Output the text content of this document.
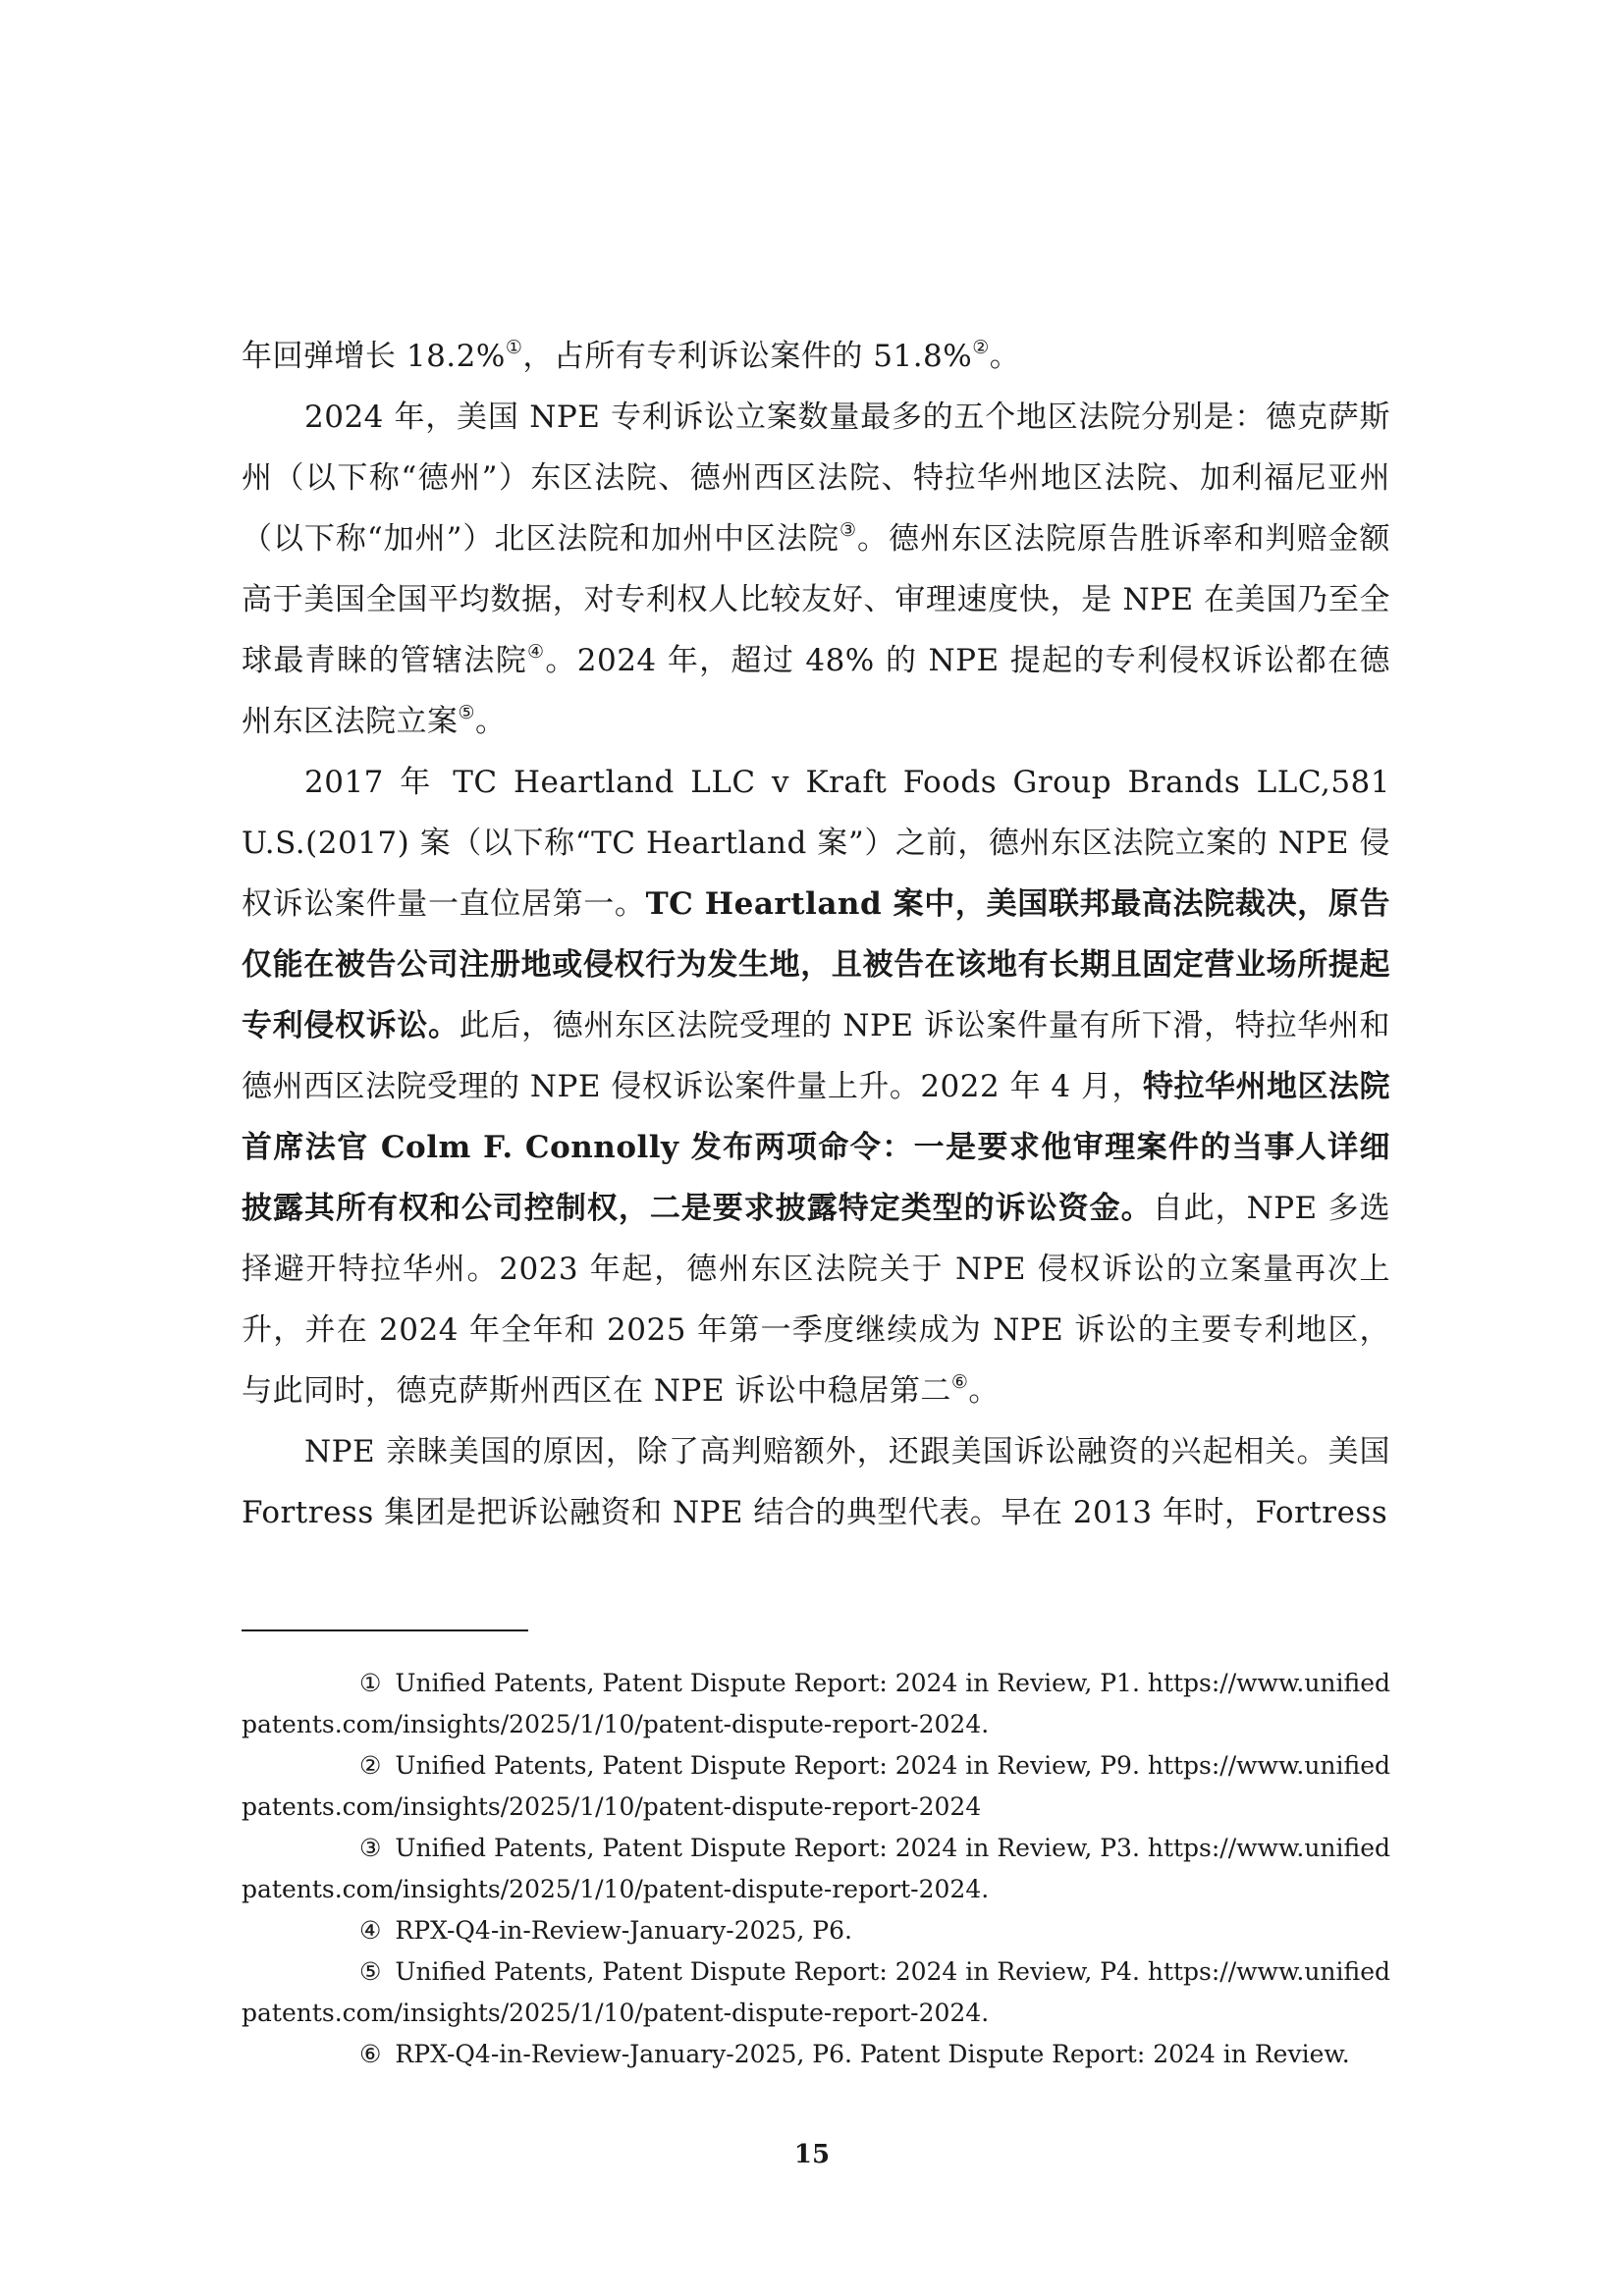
年回弹增长 18.2%①，占所有专利诉讼案件的 51.8%②。

2024 年，美国 NPE 专利诉讼立案数量最多的五个地区法院分别是：德克萨斯州（以下称“德州”）东区法院、德州西区法院、特拉华州地区法院、加利福尼亚州（以下称“加州”）北区法院和加州中区法院③。德州东区法院原告胜诉率和判赔金额高于美国全国平均数据，对专利权人比较友好、审理速度快，是 NPE 在美国乃至全球最青睐的管辖法院④。2024 年，超过 48% 的 NPE 提起的专利侵权诉讼都在德州东区法院立案⑤。

2017 年 TC Heartland LLC v Kraft Foods Group Brands LLC,581 U.S.(2017) 案（以下称“TC Heartland 案”）之前，德州东区法院立案的 NPE 侵权诉讼案件量一直位居第一。TC Heartland 案中，美国联邦最高法院裁决，原告仅能在被告公司注册地或侵权行为发生地，且被告在该地有长期且固定营业场所提起专利侵权诉讼。此后，德州东区法院受理的 NPE 诉讼案件量有所下滑，特拉华州和德州西区法院受理的 NPE 侵权诉讼案件量上升。2022 年 4 月，特拉华州地区法院首席法官 Colm F. Connolly 发布两项命令：一是要求他审理案件的当事人详细披露其所有权和公司控制权，二是要求披露特定类型的诉讼资金。自此，NPE 多选择避开特拉华州。2023 年起，德州东区法院关于 NPE 侵权诉讼的立案量再次上升，并在 2024 年全年和 2025 年第一季度继续成为 NPE 诉讼的主要专利地区，与此同时，德克萨斯州西区在 NPE 诉讼中稳居第二⑥。

NPE 亲睐美国的原因，除了高判赔额外，还跟美国诉讼融资的兴起相关。美国 Fortress 集团是把诉讼融资和 NPE 结合的典型代表。早在 2013 年时，Fortress

① Unified Patents, Patent Dispute Report: 2024 in Review, P1. https://www.unifiedpatents.com/insights/2025/1/10/patent-dispute-report-2024.

② Unified Patents, Patent Dispute Report: 2024 in Review, P9. https://www.unifiedpatents.com/insights/2025/1/10/patent-dispute-report-2024

③ Unified Patents, Patent Dispute Report: 2024 in Review, P3. https://www.unifiedpatents.com/insights/2025/1/10/patent-dispute-report-2024.

④ RPX-Q4-in-Review-January-2025, P6.

⑤ Unified Patents, Patent Dispute Report: 2024 in Review, P4. https://www.unifiedpatents.com/insights/2025/1/10/patent-dispute-report-2024.

⑥ RPX-Q4-in-Review-January-2025, P6. Patent Dispute Report: 2024 in Review.

15
